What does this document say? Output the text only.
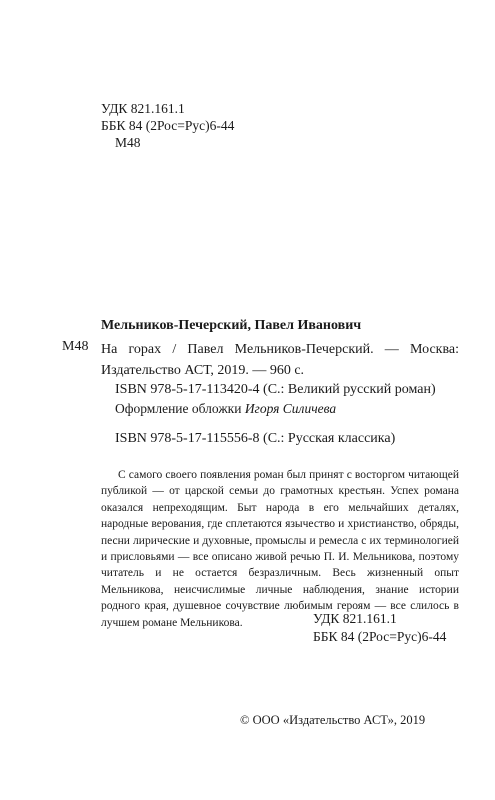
УДК 821.161.1
ББК 84 (2Рос=Рус)6-44
М48
Мельников-Печерский, Павел Иванович
М48 На горах / Павел Мельников-Печерский. — Москва: Издательство АСТ, 2019. — 960 с.
ISBN 978-5-17-113420-4 (С.: Великий русский роман)
Оформление обложки Игоря Силичева
ISBN 978-5-17-115556-8 (С.: Русская классика)

С самого своего появления роман был принят с восторгом читающей публикой — от царской семьи до грамотных крестьян. Успех романа оказался непреходящим. Быт народа в его мельчайших деталях, народные верования, где сплетаются язычество и христианство, обряды, песни лирические и духовные, промыслы и ремесла с их терминологией и присловьями — все описано живой речью П. И. Мельникова, поэтому читатель и не остается безразличным. Весь жизненный опыт Мельникова, неисчислимые личные наблюдения, знание истории родного края, душевное сочувствие любимым героям — все слилось в лучшем романе Мельникова.	УДК 821.161.1
ББК 84 (2Рос=Рус)6-44
© ООО «Издательство АСТ», 2019
